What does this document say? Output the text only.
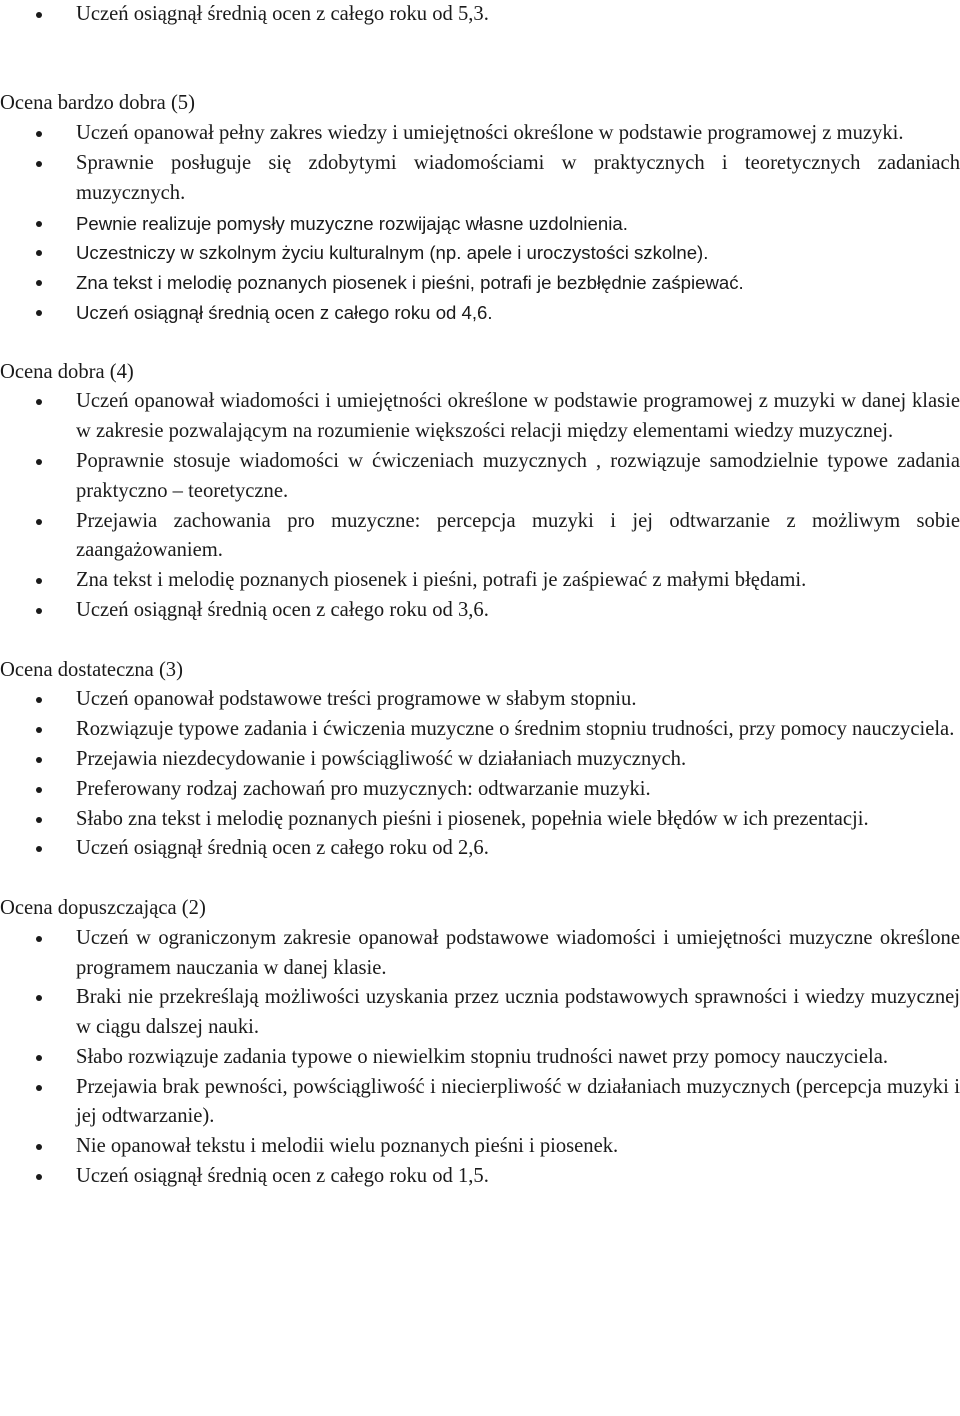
Uczeń osiągnął średnią ocen z całego roku od 5,3.

Ocena bardzo dobra (5)

Uczeń opanował pełny zakres wiedzy i umiejętności określone w podstawie programowej z muzyki.
Sprawnie posługuje się zdobytymi wiadomościami w praktycznych i teoretycznych zadaniach muzycznych.
Pewnie realizuje pomysły muzyczne rozwijając własne uzdolnienia.
Uczestniczy w szkolnym życiu kulturalnym (np. apele i uroczystości szkolne).
Zna tekst i melodię poznanych piosenek i pieśni, potrafi je bezbłędnie zaśpiewać.
Uczeń osiągnął średnią ocen z całego roku od 4,6.

Ocena dobra (4)

Uczeń opanował wiadomości i umiejętności określone w podstawie programowej z muzyki w danej klasie w zakresie pozwalającym na rozumienie większości relacji między elementami wiedzy muzycznej.
Poprawnie stosuje wiadomości w ćwiczeniach muzycznych , rozwiązuje samodzielnie typowe zadania praktyczno – teoretyczne.
Przejawia zachowania pro muzyczne: percepcja muzyki i jej odtwarzanie z możliwym sobie zaangażowaniem.
Zna tekst i melodię poznanych piosenek i pieśni, potrafi je zaśpiewać z małymi błędami.
Uczeń osiągnął średnią ocen z całego roku od 3,6.

Ocena dostateczna (3)

Uczeń opanował podstawowe treści programowe w słabym stopniu.
Rozwiązuje typowe zadania i ćwiczenia muzyczne o średnim stopniu trudności, przy pomocy nauczyciela.
Przejawia niezdecydowanie i powściągliwość w działaniach muzycznych.
Preferowany rodzaj zachowań pro muzycznych: odtwarzanie muzyki.
Słabo zna tekst i melodię poznanych pieśni i piosenek, popełnia wiele błędów w ich prezentacji.
Uczeń osiągnął średnią ocen z całego roku od 2,6.

Ocena dopuszczająca (2)

Uczeń w ograniczonym zakresie opanował podstawowe wiadomości i umiejętności muzyczne określone programem nauczania w danej klasie.
Braki nie przekreślają możliwości uzyskania przez ucznia podstawowych sprawności i wiedzy muzycznej w ciągu dalszej nauki.
Słabo rozwiązuje zadania typowe o niewielkim stopniu trudności nawet przy pomocy nauczyciela.
Przejawia brak pewności, powściągliwość i niecierpliwość w działaniach muzycznych (percepcja muzyki i jej odtwarzanie).
Nie opanował tekstu i melodii wielu poznanych pieśni i piosenek.
Uczeń osiągnął średnią ocen z całego roku od 1,5.
